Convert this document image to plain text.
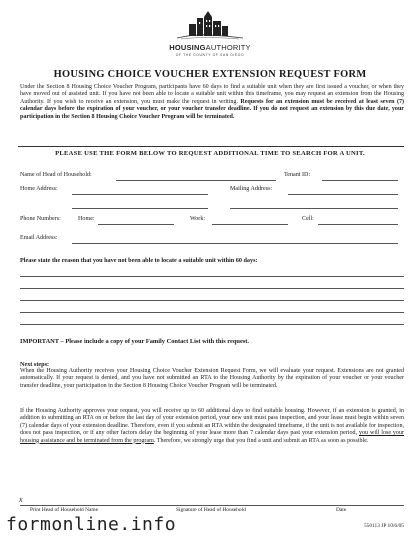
HOUSINGAUTHORITY
OF THE COUNTY OF SAN DIEGO
HOUSING CHOICE VOUCHER EXTENSION REQUEST FORM

Under the Section 8 Housing Choice Voucher Program, participants have 60 days to find a suitable unit when they are first issued a voucher, or when they have moved out of assisted unit. If you have not been able to locate a suitable unit within this timeframe, you may request an extension from the Housing Authority. If you wish to receive an extension, you must make the request in writing. Requests for an extension must be received at least seven (7) calendar days before the expiration of your voucher, or your voucher transfer deadline. If you do not request an extension by this due date, your participation in the Section 8 Housing Choice Voucher Program will be terminated.

PLEASE USE THE FORM BELOW TO REQUEST ADDITIONAL TIME TO SEARCH FOR A UNIT.
Name of Head of Household:	Tenant ID:
Home Address:	Mailing Address:
Phone Numbers:	Home:	Work:	Cell:
Email Address:
Please state the reason that you have not been able to locate a suitable unit within 60 days:
IMPORTANT – Please include a copy of your Family Contact List with this request.
Next steps:

When the Housing Authority receives your Housing Choice Voucher Extension Request Form, we will evaluate your request. Extensions are not granted automatically. If your request is denied, and you have not submitted an RTA to the Housing Authority by the expiration of your voucher or your voucher transfer deadline, your participation in the Section 8 Housing Choice Voucher Program will be terminated.

If the Housing Authority approves your request, you will receive up to 60 additional days to find suitable housing. However, if an extension is granted, in addition to submitting an RTA on or before the last day of your extension period, your new unit must pass inspection, and your lease must begin within seven (7) calendar days of your extension deadline. Therefore, even if you submit an RTA within the designated timeframe, if the unit is not available for inspection, does not pass inspection, or if any other factors delay the beginning of your lease more than 7 calendar days past your extension period, you will lose your housing assistance and be terminated from the program. Therefore, we strongly urge that you find a unit and submit an RTA as soon as possible.

x
Print Head of Household Name	Signature of Head of Household	Date
formonline.info	550113 JP 10/6/05
